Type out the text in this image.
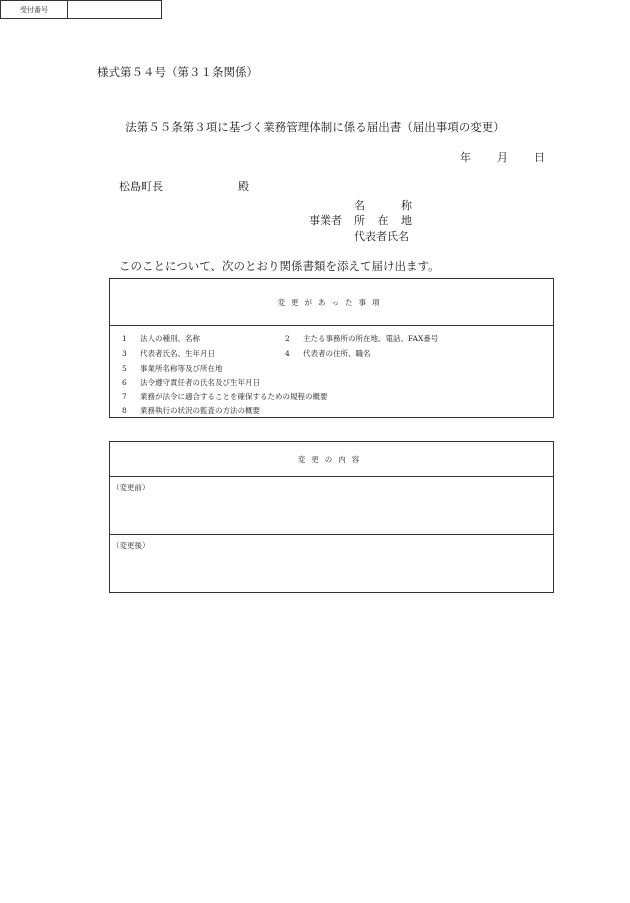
様式第５４号（第３１条関係）
受付番号
法第５５条第３項に基づく業務管理体制に係る届出書（届出事項の変更）
年 月 日
松島町長	殿
事業者
名	称
所 在 地
代表者氏名
このことについて、次のとおり関係書類を添えて届け出ます。
変更があった事項
1 法人の種別、名称	2 主たる事務所の所在地、電話、FAX番号
3 代表者氏名、生年月日	4 代表者の住所、職名
5 事業所名称等及び所在地
6 法令遵守責任者の氏名及び生年月日
7 業務が法令に適合することを確保するための規程の概要
8 業務執行の状況の監査の方法の概要
変更の内容
（変更前）
（変更後）
